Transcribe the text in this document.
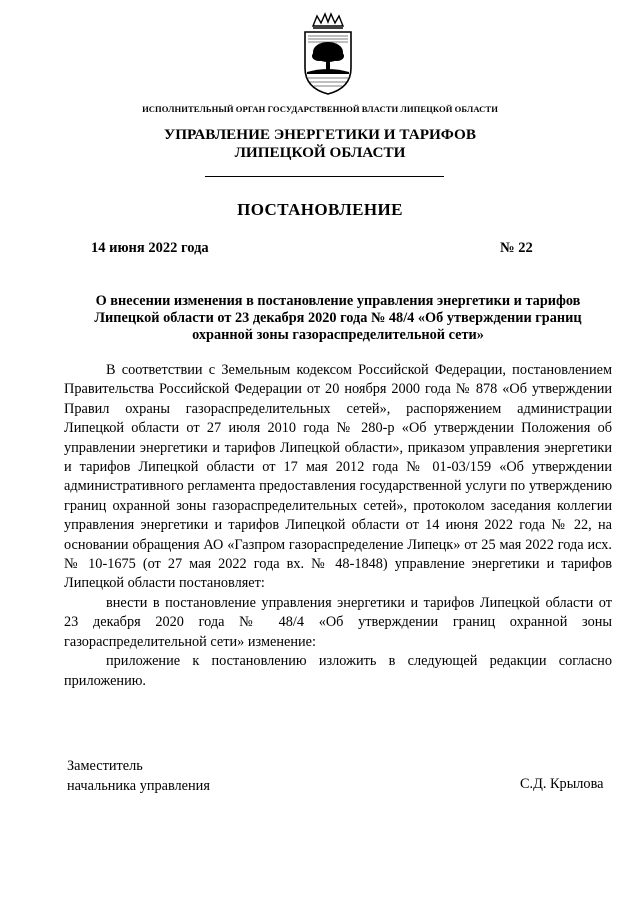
ИСПОЛНИТЕЛЬНЫЙ ОРГАН ГОСУДАРСТВЕННОЙ ВЛАСТИ ЛИПЕЦКОЙ ОБЛАСТИ
УПРАВЛЕНИЕ ЭНЕРГЕТИКИ И ТАРИФОВ
ЛИПЕЦКОЙ ОБЛАСТИ
ПОСТАНОВЛЕНИЕ
14 июня 2022 года	№ 22
О внесении изменения в постановление управления энергетики и тарифов Липецкой области от 23 декабря 2020 года № 48/4 «Об утверждении границ охранной зоны газораспределительной сети»

В соответствии с Земельным кодексом Российской Федерации, постановлением Правительства Российской Федерации от 20 ноября 2000 года № 878 «Об утверждении Правил охраны газораспределительных сетей», распоряжением администрации Липецкой области от 27 июля 2010 года № 280-р «Об утверждении Положения об управлении энергетики и тарифов Липецкой области», приказом управления энергетики и тарифов Липецкой области от 17 мая 2012 года № 01-03/159 «Об утверждении административного регламента предоставления государственной услуги по утверждению границ охранной зоны газораспределительных сетей», протоколом заседания коллегии управления энергетики и тарифов Липецкой области от 14 июня 2022 года № 22, на основании обращения АО «Газпром газораспределение Липецк» от 25 мая 2022 года исх. № 10-1675 (от 27 мая 2022 года вх. № 48-1848) управление энергетики и тарифов Липецкой области постановляет:

внести в постановление управления энергетики и тарифов Липецкой области от 23 декабря 2020 года № 48/4 «Об утверждении границ охранной зоны газораспределительной сети» изменение:

приложение к постановлению изложить в следующей редакции согласно приложению.

Заместитель
начальника управления	С.Д. Крылова
